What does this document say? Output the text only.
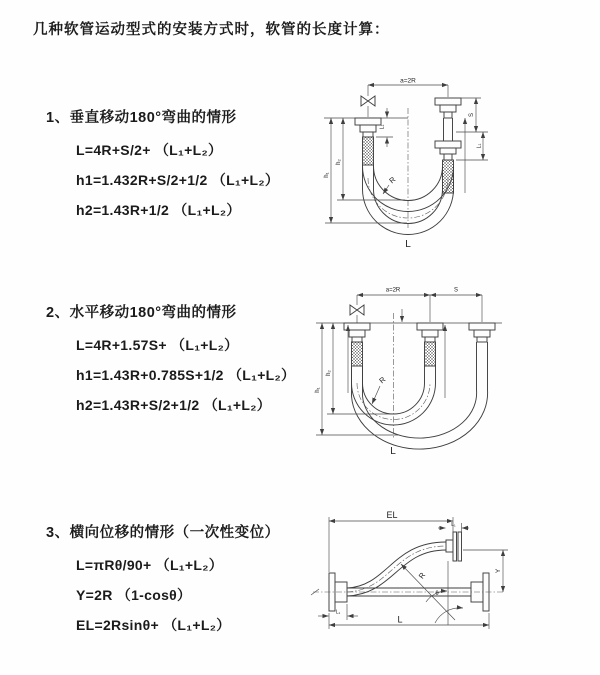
几种软管运动型式的安装方式时，软管的长度计算：
1、垂直移动180°弯曲的情形
L=4R+S/2+ （L₁+L₂）
h1=1.432R+S/2+1/2 （L₁+L₂）
h2=1.43R+1/2 （L₁+L₂）
a=2R
h₁
h₂
L₁
S
L₁
R
L
2、水平移动180°弯曲的情形
L=4R+1.57S+ （L₁+L₂）
h1=1.43R+0.785S+1/2 （L₁+L₂）
h2=1.43R+S/2+1/2 （L₁+L₂）
a=2R	S
h₁
h₂
R
L
3、横向位移的情形（一次性变位）
L=πRθ/90+ （L₁+L₂）
Y=2R （1-cosθ）
EL=2Rsinθ+ （L₁+L₂）
EL
L₁
Y
R
θ
L₁
L
